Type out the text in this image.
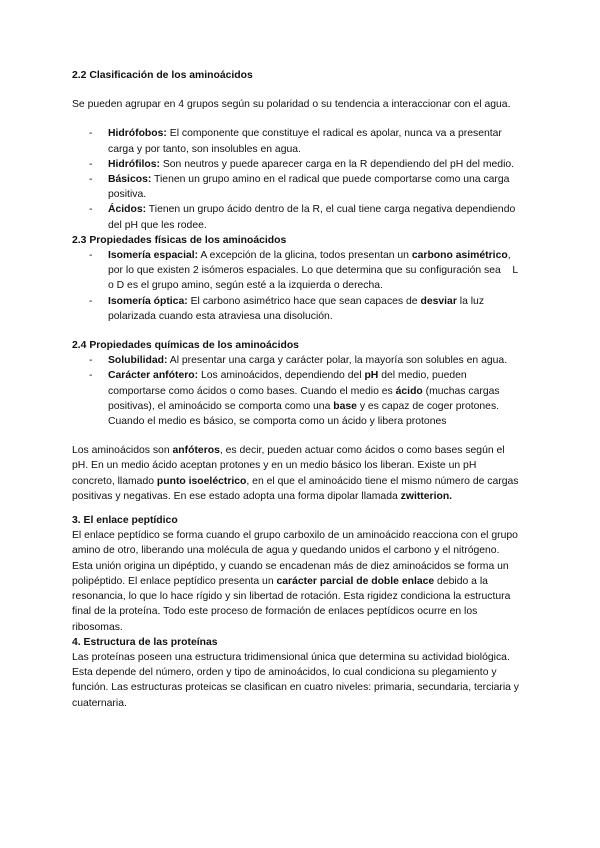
2.2 Clasificación de los aminoácidos

Se pueden agrupar en 4 grupos según su polaridad o su tendencia a interaccionar con el agua.

- Hidrófobos: El componente que constituye el radical es apolar, nunca va a presentar carga y por tanto, son insolubles en agua.
- Hidrófilos: Son neutros y puede aparecer carga en la R dependiendo del pH del medio.
- Básicos: Tienen un grupo amino en el radical que puede comportarse como una carga positiva.
- Ácidos: Tienen un grupo ácido dentro de la R, el cual tiene carga negativa dependiendo del pH que les rodee.

2.3 Propiedades físicas de los aminoácidos

- Isomería espacial: A excepción de la glicina, todos presentan un carbono asimétrico, por lo que existen 2 isómeros espaciales. Lo que determina que su configuración sea    L o D es el grupo amino, según esté a la izquierda o derecha.
- Isomería óptica: El carbono asimétrico hace que sean capaces de desviar la luz polarizada cuando esta atraviesa una disolución.

2.4 Propiedades químicas de los aminoácidos

- Solubilidad: Al presentar una carga y carácter polar, la mayoría son solubles en agua.
- Carácter anfótero: Los aminoácidos, dependiendo del pH del medio, pueden comportarse como ácidos o como bases. Cuando el medio es ácido (muchas cargas positivas), el aminoácido se comporta como una base y es capaz de coger protones. Cuando el medio es básico, se comporta como un ácido y libera protones

Los aminoácidos son anfóteros, es decir, pueden actuar como ácidos o como bases según el pH. En un medio ácido aceptan protones y en un medio básico los liberan. Existe un pH concreto, llamado punto isoeléctrico, en el que el aminoácido tiene el mismo número de cargas positivas y negativas. En ese estado adopta una forma dipolar llamada zwitterion.

3. El enlace peptídico

El enlace peptídico se forma cuando el grupo carboxilo de un aminoácido reacciona con el grupo amino de otro, liberando una molécula de agua y quedando unidos el carbono y el nitrógeno. Esta unión origina un dipéptido, y cuando se encadenan más de diez aminoácidos se forma un polipéptido. El enlace peptídico presenta un carácter parcial de doble enlace debido a la resonancia, lo que lo hace rígido y sin libertad de rotación. Esta rigidez condiciona la estructura final de la proteína. Todo este proceso de formación de enlaces peptídicos ocurre en los ribosomas.

4. Estructura de las proteínas

Las proteínas poseen una estructura tridimensional única que determina su actividad biológica. Esta depende del número, orden y tipo de aminoácidos, lo cual condiciona su plegamiento y función. Las estructuras proteicas se clasifican en cuatro niveles: primaria, secundaria, terciaria y cuaternaria.
